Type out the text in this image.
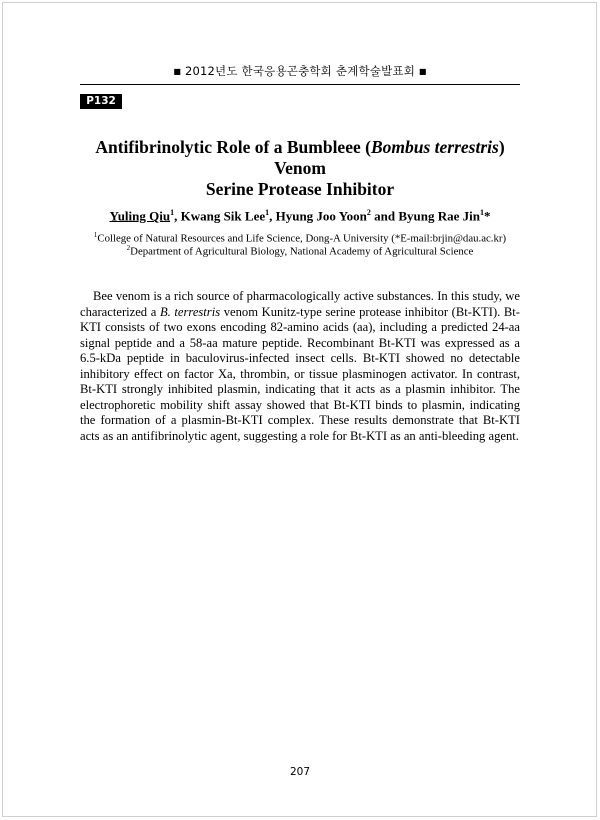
■ 2012년도 한국응용곤충학회 춘계학술발표회 ■
P132
Antifibrinolytic Role of a Bumbleee (Bombus terrestris) Venom
Serine Protease Inhibitor
Yuling Qiu$^1$, Kwang Sik Lee$^1$, Hyung Joo Yoon$^2$ and Byung Rae Jin$^1$*
$^1$College of Natural Resources and Life Science, Dong-A University (*E-mail:brjin@dau.ac.kr)
$^2$Department of Agricultural Biology, National Academy of Agricultural Science
Bee venom is a rich source of pharmacologically active substances. In this study, we characterized a B. terrestris venom Kunitz-type serine protease inhibitor (Bt-KTI). Bt-KTI consists of two exons encoding 82-amino acids (aa), including a predicted 24-aa signal peptide and a 58-aa mature peptide. Recombinant Bt-KTI was expressed as a 6.5-kDa peptide in baculovirus-infected insect cells. Bt-KTI showed no detectable inhibitory effect on factor Xa, thrombin, or tissue plasminogen activator. In contrast, Bt-KTI strongly inhibited plasmin, indicating that it acts as a plasmin inhibitor. The electrophoretic mobility shift assay showed that Bt-KTI binds to plasmin, indicating the formation of a plasmin-Bt-KTI complex. These results demonstrate that Bt-KTI acts as an antifibrinolytic agent, suggesting a role for Bt-KTI as an anti-bleeding agent.
207
